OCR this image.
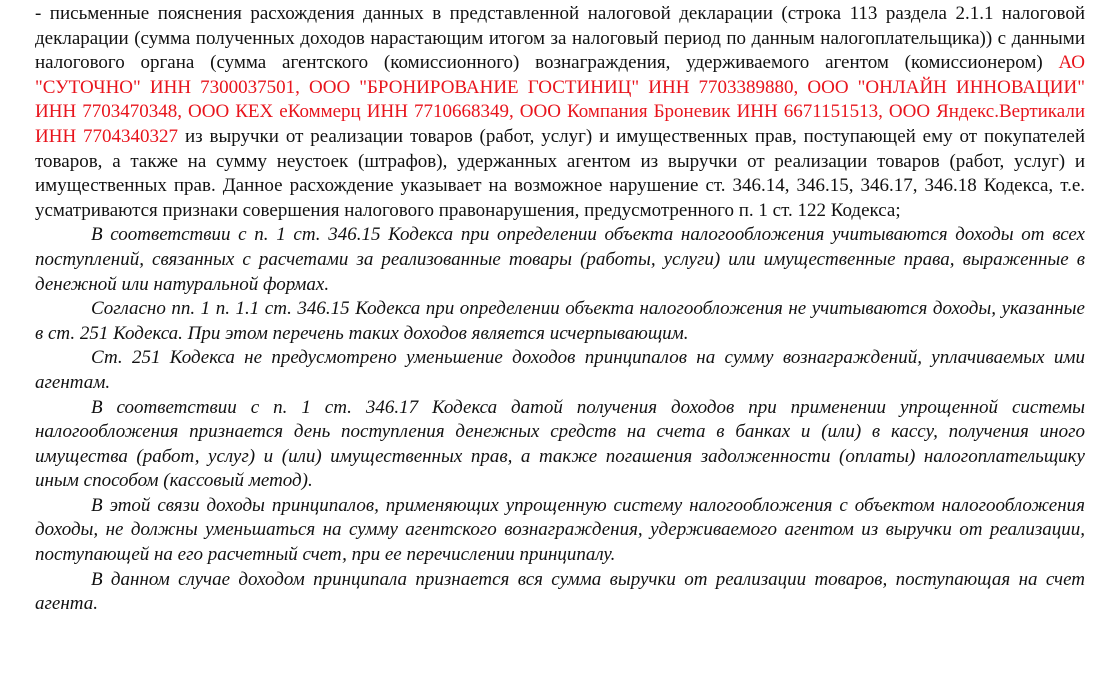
- письменные пояснения расхождения данных в представленной налоговой декларации (строка 113 раздела 2.1.1 налоговой декларации (сумма полученных доходов нарастающим итогом за налоговый период по данным налогоплательщика)) с данными налогового органа (сумма агентского (комиссионного) вознаграждения, удерживаемого агентом (комиссионером) АО "СУТОЧНО" ИНН 7300037501, ООО "БРОНИРОВАНИЕ ГОСТИНИЦ" ИНН 7703389880, ООО "ОНЛАЙН ИННОВАЦИИ" ИНН 7703470348, ООО КЕХ еКоммерц ИНН 7710668349, ООО Компания Броневик ИНН 6671151513, ООО Яндекс.Вертикали ИНН 7704340327 из выручки от реализации товаров (работ, услуг) и имущественных прав, поступающей ему от покупателей товаров, а также на сумму неустоек (штрафов), удержанных агентом из выручки от реализации товаров (работ, услуг) и имущественных прав. Данное расхождение указывает на возможное нарушение ст. 346.14, 346.15, 346.17, 346.18 Кодекса, т.е. усматриваются признаки совершения налогового правонарушения, предусмотренного п. 1 ст. 122 Кодекса;

В соответствии с п. 1 ст. 346.15 Кодекса при определении объекта налогообложения учитываются доходы от всех поступлений, связанных с расчетами за реализованные товары (работы, услуги) или имущественные права, выраженные в денежной или натуральной формах.

Согласно пп. 1 п. 1.1 ст. 346.15 Кодекса при определении объекта налогообложения не учитываются доходы, указанные в ст. 251 Кодекса. При этом перечень таких доходов является исчерпывающим.

Ст. 251 Кодекса не предусмотрено уменьшение доходов принципалов на сумму вознаграждений, уплачиваемых ими агентам.

В соответствии с п. 1 ст. 346.17 Кодекса датой получения доходов при применении упрощенной системы налогообложения признается день поступления денежных средств на счета в банках и (или) в кассу, получения иного имущества (работ, услуг) и (или) имущественных прав, а также погашения задолженности (оплаты) налогоплательщику иным способом (кассовый метод).

В этой связи доходы принципалов, применяющих упрощенную систему налогообложения с объектом налогообложения доходы, не должны уменьшаться на сумму агентского вознаграждения, удерживаемого агентом из выручки от реализации, поступающей на его расчетный счет, при ее перечислении принципалу.

В данном случае доходом принципала признается вся сумма выручки от реализации товаров, поступающая на счет агента.
